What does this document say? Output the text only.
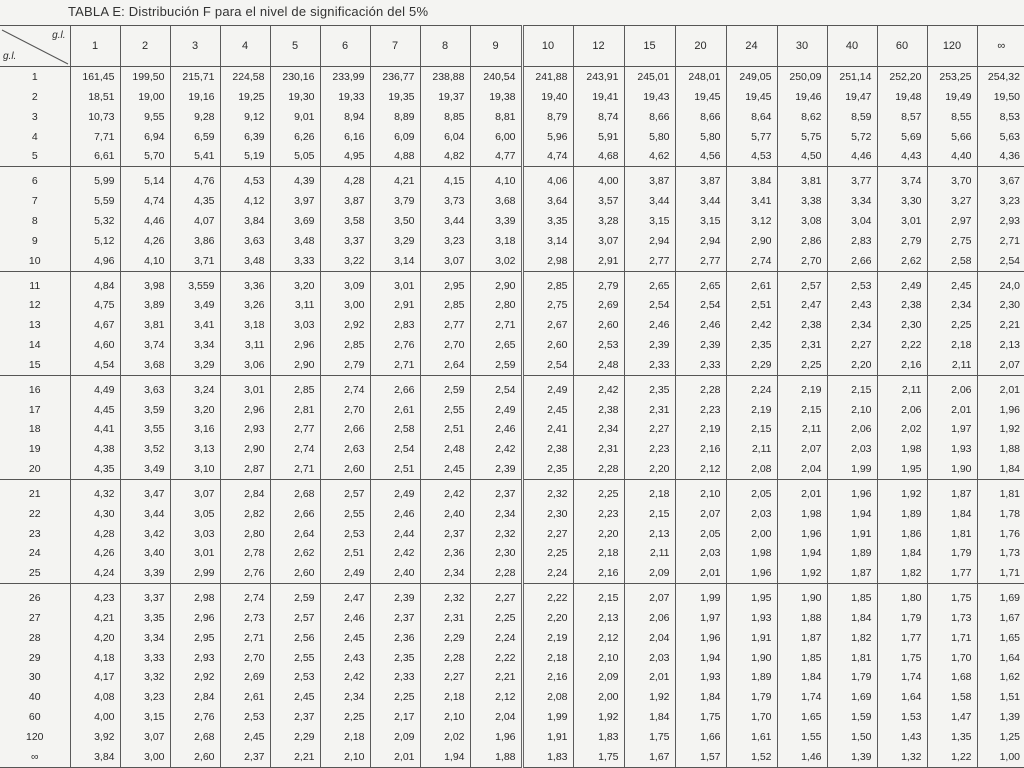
TABLA E: Distribución F para el nivel de significación del 5%
g.l.
g.l.	1	2	3	4	5	6	7	8	9	10	12	15	20	24	30	40	60	120	∞
1	161,45	199,50	215,71	224,58	230,16	233,99	236,77	238,88	240,54	241,88	243,91	245,01	248,01	249,05	250,09	251,14	252,20	253,25	254,32
2	18,51	19,00	19,16	19,25	19,30	19,33	19,35	19,37	19,38	19,40	19,41	19,43	19,45	19,45	19,46	19,47	19,48	19,49	19,50
3	10,73	9,55	9,28	9,12	9,01	8,94	8,89	8,85	8,81	8,79	8,74	8,66	8,66	8,64	8,62	8,59	8,57	8,55	8,53
4	7,71	6,94	6,59	6,39	6,26	6,16	6,09	6,04	6,00	5,96	5,91	5,80	5,80	5,77	5,75	5,72	5,69	5,66	5,63
5	6,61	5,70	5,41	5,19	5,05	4,95	4,88	4,82	4,77	4,74	4,68	4,62	4,56	4,53	4,50	4,46	4,43	4,40	4,36

6	5,99	5,14	4,76	4,53	4,39	4,28	4,21	4,15	4,10	4,06	4,00	3,87	3,87	3,84	3,81	3,77	3,74	3,70	3,67
7	5,59	4,74	4,35	4,12	3,97	3,87	3,79	3,73	3,68	3,64	3,57	3,44	3,44	3,41	3,38	3,34	3,30	3,27	3,23
8	5,32	4,46	4,07	3,84	3,69	3,58	3,50	3,44	3,39	3,35	3,28	3,15	3,15	3,12	3,08	3,04	3,01	2,97	2,93
9	5,12	4,26	3,86	3,63	3,48	3,37	3,29	3,23	3,18	3,14	3,07	2,94	2,94	2,90	2,86	2,83	2,79	2,75	2,71
10	4,96	4,10	3,71	3,48	3,33	3,22	3,14	3,07	3,02	2,98	2,91	2,77	2,77	2,74	2,70	2,66	2,62	2,58	2,54

11	4,84	3,98	3,559	3,36	3,20	3,09	3,01	2,95	2,90	2,85	2,79	2,65	2,65	2,61	2,57	2,53	2,49	2,45	24,0
12	4,75	3,89	3,49	3,26	3,11	3,00	2,91	2,85	2,80	2,75	2,69	2,54	2,54	2,51	2,47	2,43	2,38	2,34	2,30
13	4,67	3,81	3,41	3,18	3,03	2,92	2,83	2,77	2,71	2,67	2,60	2,46	2,46	2,42	2,38	2,34	2,30	2,25	2,21
14	4,60	3,74	3,34	3,11	2,96	2,85	2,76	2,70	2,65	2,60	2,53	2,39	2,39	2,35	2,31	2,27	2,22	2,18	2,13
15	4,54	3,68	3,29	3,06	2,90	2,79	2,71	2,64	2,59	2,54	2,48	2,33	2,33	2,29	2,25	2,20	2,16	2,11	2,07

16	4,49	3,63	3,24	3,01	2,85	2,74	2,66	2,59	2,54	2,49	2,42	2,35	2,28	2,24	2,19	2,15	2,11	2,06	2,01
17	4,45	3,59	3,20	2,96	2,81	2,70	2,61	2,55	2,49	2,45	2,38	2,31	2,23	2,19	2,15	2,10	2,06	2,01	1,96
18	4,41	3,55	3,16	2,93	2,77	2,66	2,58	2,51	2,46	2,41	2,34	2,27	2,19	2,15	2,11	2,06	2,02	1,97	1,92
19	4,38	3,52	3,13	2,90	2,74	2,63	2,54	2,48	2,42	2,38	2,31	2,23	2,16	2,11	2,07	2,03	1,98	1,93	1,88
20	4,35	3,49	3,10	2,87	2,71	2,60	2,51	2,45	2,39	2,35	2,28	2,20	2,12	2,08	2,04	1,99	1,95	1,90	1,84

21	4,32	3,47	3,07	2,84	2,68	2,57	2,49	2,42	2,37	2,32	2,25	2,18	2,10	2,05	2,01	1,96	1,92	1,87	1,81
22	4,30	3,44	3,05	2,82	2,66	2,55	2,46	2,40	2,34	2,30	2,23	2,15	2,07	2,03	1,98	1,94	1,89	1,84	1,78
23	4,28	3,42	3,03	2,80	2,64	2,53	2,44	2,37	2,32	2,27	2,20	2,13	2,05	2,00	1,96	1,91	1,86	1,81	1,76
24	4,26	3,40	3,01	2,78	2,62	2,51	2,42	2,36	2,30	2,25	2,18	2,11	2,03	1,98	1,94	1,89	1,84	1,79	1,73
25	4,24	3,39	2,99	2,76	2,60	2,49	2,40	2,34	2,28	2,24	2,16	2,09	2,01	1,96	1,92	1,87	1,82	1,77	1,71

26	4,23	3,37	2,98	2,74	2,59	2,47	2,39	2,32	2,27	2,22	2,15	2,07	1,99	1,95	1,90	1,85	1,80	1,75	1,69
27	4,21	3,35	2,96	2,73	2,57	2,46	2,37	2,31	2,25	2,20	2,13	2,06	1,97	1,93	1,88	1,84	1,79	1,73	1,67
28	4,20	3,34	2,95	2,71	2,56	2,45	2,36	2,29	2,24	2,19	2,12	2,04	1,96	1,91	1,87	1,82	1,77	1,71	1,65
29	4,18	3,33	2,93	2,70	2,55	2,43	2,35	2,28	2,22	2,18	2,10	2,03	1,94	1,90	1,85	1,81	1,75	1,70	1,64
30	4,17	3,32	2,92	2,69	2,53	2,42	2,33	2,27	2,21	2,16	2,09	2,01	1,93	1,89	1,84	1,79	1,74	1,68	1,62
40	4,08	3,23	2,84	2,61	2,45	2,34	2,25	2,18	2,12	2,08	2,00	1,92	1,84	1,79	1,74	1,69	1,64	1,58	1,51
60	4,00	3,15	2,76	2,53	2,37	2,25	2,17	2,10	2,04	1,99	1,92	1,84	1,75	1,70	1,65	1,59	1,53	1,47	1,39
120	3,92	3,07	2,68	2,45	2,29	2,18	2,09	2,02	1,96	1,91	1,83	1,75	1,66	1,61	1,55	1,50	1,43	1,35	1,25
∞	3,84	3,00	2,60	2,37	2,21	2,10	2,01	1,94	1,88	1,83	1,75	1,67	1,57	1,52	1,46	1,39	1,32	1,22	1,00
